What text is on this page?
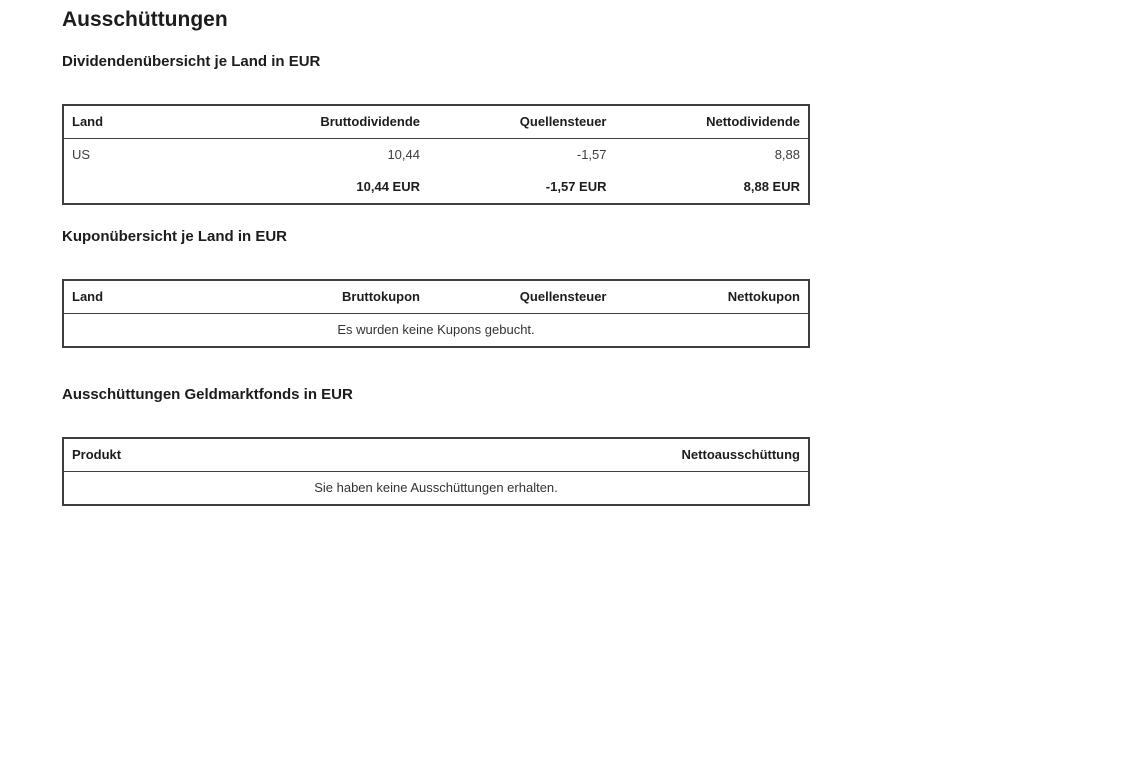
Ausschüttungen
Dividendenübersicht je Land in EUR
Land	Bruttodividende	Quellensteuer	Nettodividende
US	10,44	-1,57	8,88
	10,44 EUR	-1,57 EUR	8,88 EUR
Kuponübersicht je Land in EUR
Land	Bruttokupon	Quellensteuer	Nettokupon
Es wurden keine Kupons gebucht.
Ausschüttungen Geldmarktfonds in EUR
Produkt	Nettoausschüttung
Sie haben keine Ausschüttungen erhalten.
